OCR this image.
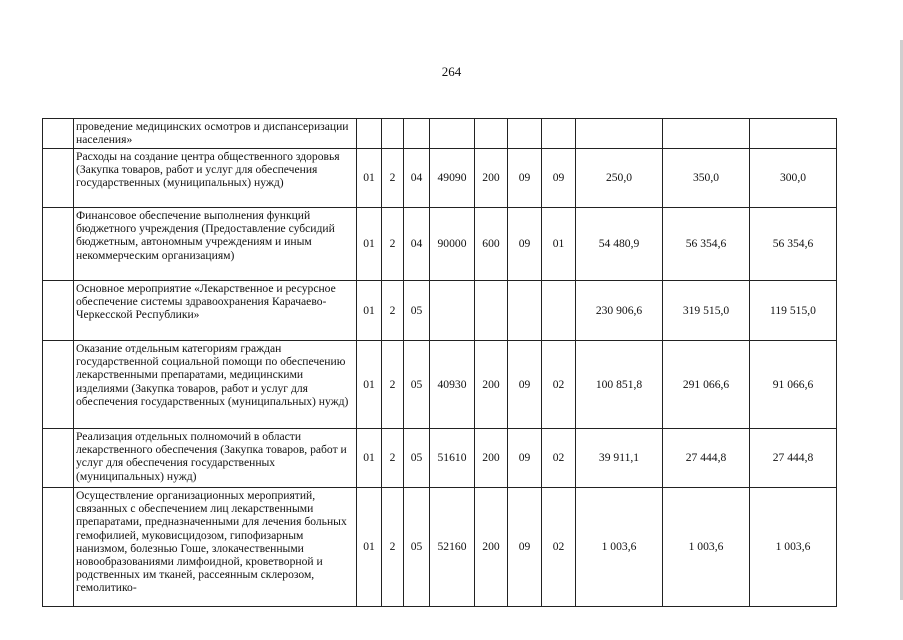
264
	проведение медицинских осмотров и диспансеризации населения»										
	Расходы на создание центра общественного здоровья (Закупка товаров, работ и услуг для обеспечения государственных (муниципальных) нужд)	01	2	04	49090	200	09	09	250,0	350,0	300,0
	Финансовое обеспечение выполнения функций бюджетного учреждения (Предоставление субсидий бюджетным, автономным учреждениям и иным некоммерческим организациям)	01	2	04	90000	600	09	01	54 480,9	56 354,6	56 354,6
	Основное мероприятие «Лекарственное и ресурсное обеспечение системы здравоохранения Карачаево-Черкесской Республики»	01	2	05					230 906,6	319 515,0	119 515,0
	Оказание отдельным категориям граждан государственной социальной помощи по обеспечению лекарственными препаратами, медицинскими изделиями (Закупка товаров, работ и услуг для обеспечения государственных (муниципальных) нужд)	01	2	05	40930	200	09	02	100 851,8	291 066,6	91 066,6
	Реализация отдельных полномочий в области лекарственного обеспечения (Закупка товаров, работ и услуг для обеспечения государственных (муниципальных) нужд)	01	2	05	51610	200	09	02	39 911,1	27 444,8	27 444,8
	Осуществление организационных мероприятий, связанных с обеспечением лиц лекарственными препаратами, предназначенными для лечения больных гемофилией, муковисцидозом, гипофизарным нанизмом, болезнью Гоше, злокачественными новообразованиями лимфоидной, кроветворной и родственных им тканей, рассеянным склерозом, гемолитико-	01	2	05	52160	200	09	02	1 003,6	1 003,6	1 003,6
